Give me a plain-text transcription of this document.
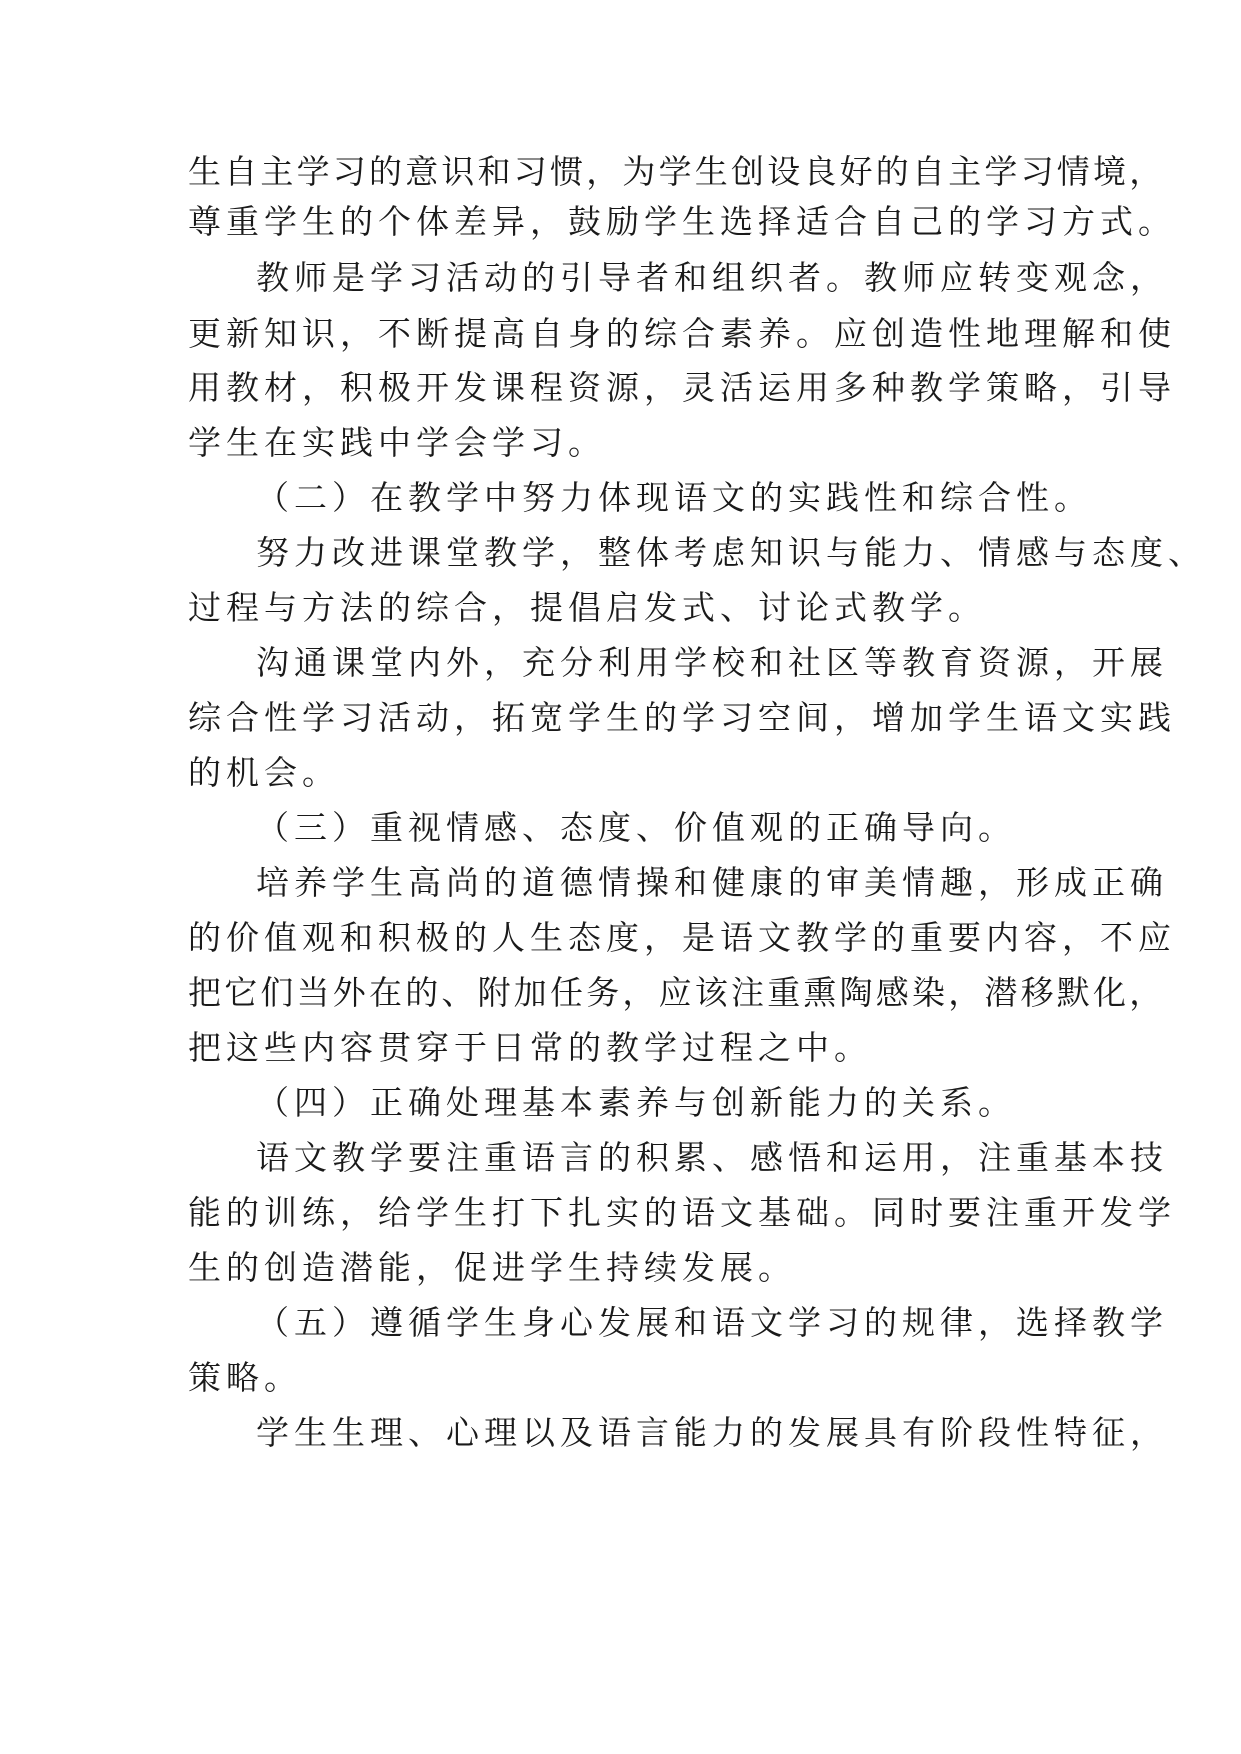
生自主学习的意识和习惯，为学生创设良好的自主学习情境，

尊重学生的个体差异，鼓励学生选择适合自己的学习方式。

教师是学习活动的引导者和组织者。教师应转变观念，

更新知识，不断提高自身的综合素养。应创造性地理解和使

用教材，积极开发课程资源，灵活运用多种教学策略，引导

学生在实践中学会学习。

（二）在教学中努力体现语文的实践性和综合性。

努力改进课堂教学，整体考虑知识与能力、情感与态度、

过程与方法的综合，提倡启发式、讨论式教学。

沟通课堂内外，充分利用学校和社区等教育资源，开展

综合性学习活动，拓宽学生的学习空间，增加学生语文实践

的机会。

（三）重视情感、态度、价值观的正确导向。

培养学生高尚的道德情操和健康的审美情趣，形成正确

的价值观和积极的人生态度，是语文教学的重要内容，不应

把它们当外在的、附加任务，应该注重熏陶感染，潜移默化，

把这些内容贯穿于日常的教学过程之中。

（四）正确处理基本素养与创新能力的关系。

语文教学要注重语言的积累、感悟和运用，注重基本技

能的训练，给学生打下扎实的语文基础。同时要注重开发学

生的创造潜能，促进学生持续发展。

（五）遵循学生身心发展和语文学习的规律，选择教学

策略。

学生生理、心理以及语言能力的发展具有阶段性特征，
